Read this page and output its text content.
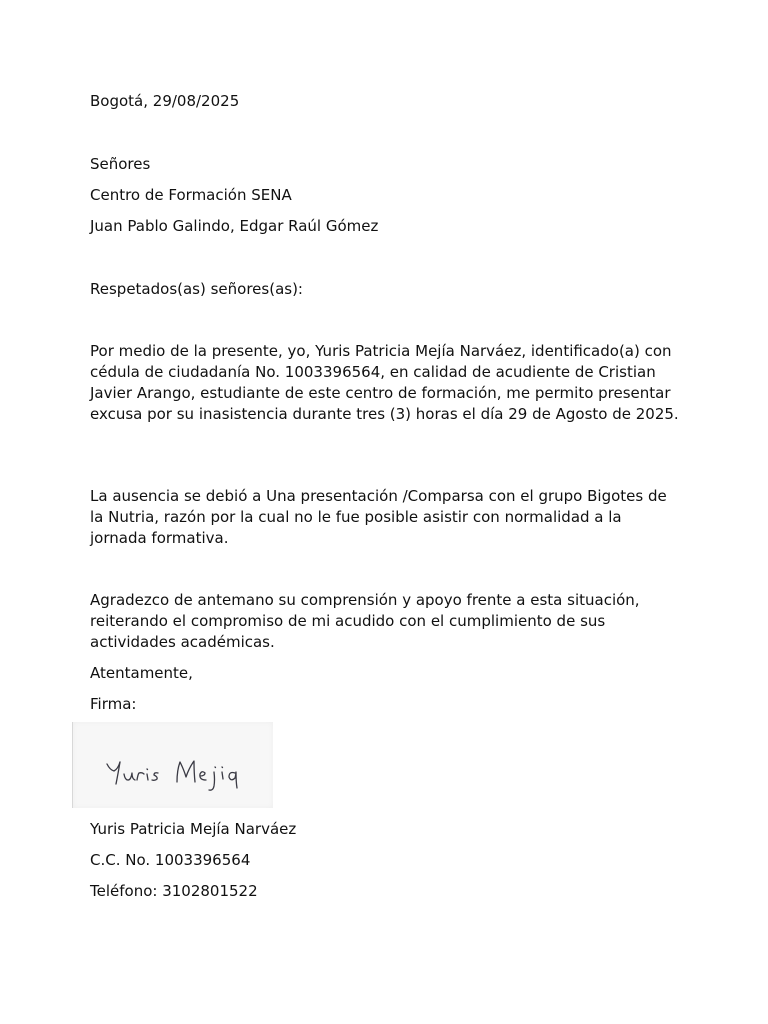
Bogotá, 29/08/2025
Señores
Centro de Formación SENA
Juan Pablo Galindo, Edgar Raúl Gómez
Respetados(as) señores(as):
Por medio de la presente, yo, Yuris Patricia Mejía Narváez, identificado(a) con cédula de ciudadanía No. 1003396564, en calidad de acudiente de Cristian Javier Arango, estudiante de este centro de formación, me permito presentar excusa por su inasistencia durante tres (3) horas el día 29 de Agosto de 2025.
La ausencia se debió a Una presentación /Comparsa con el grupo Bigotes de la Nutria, razón por la cual no le fue posible asistir con normalidad a la jornada formativa.
Agradezco de antemano su comprensión y apoyo frente a esta situación, reiterando el compromiso de mi acudido con el cumplimiento de sus actividades académicas.
Atentamente,
Firma:
Yuris Patricia Mejía Narváez
C.C. No. 1003396564
Teléfono: 3102801522
